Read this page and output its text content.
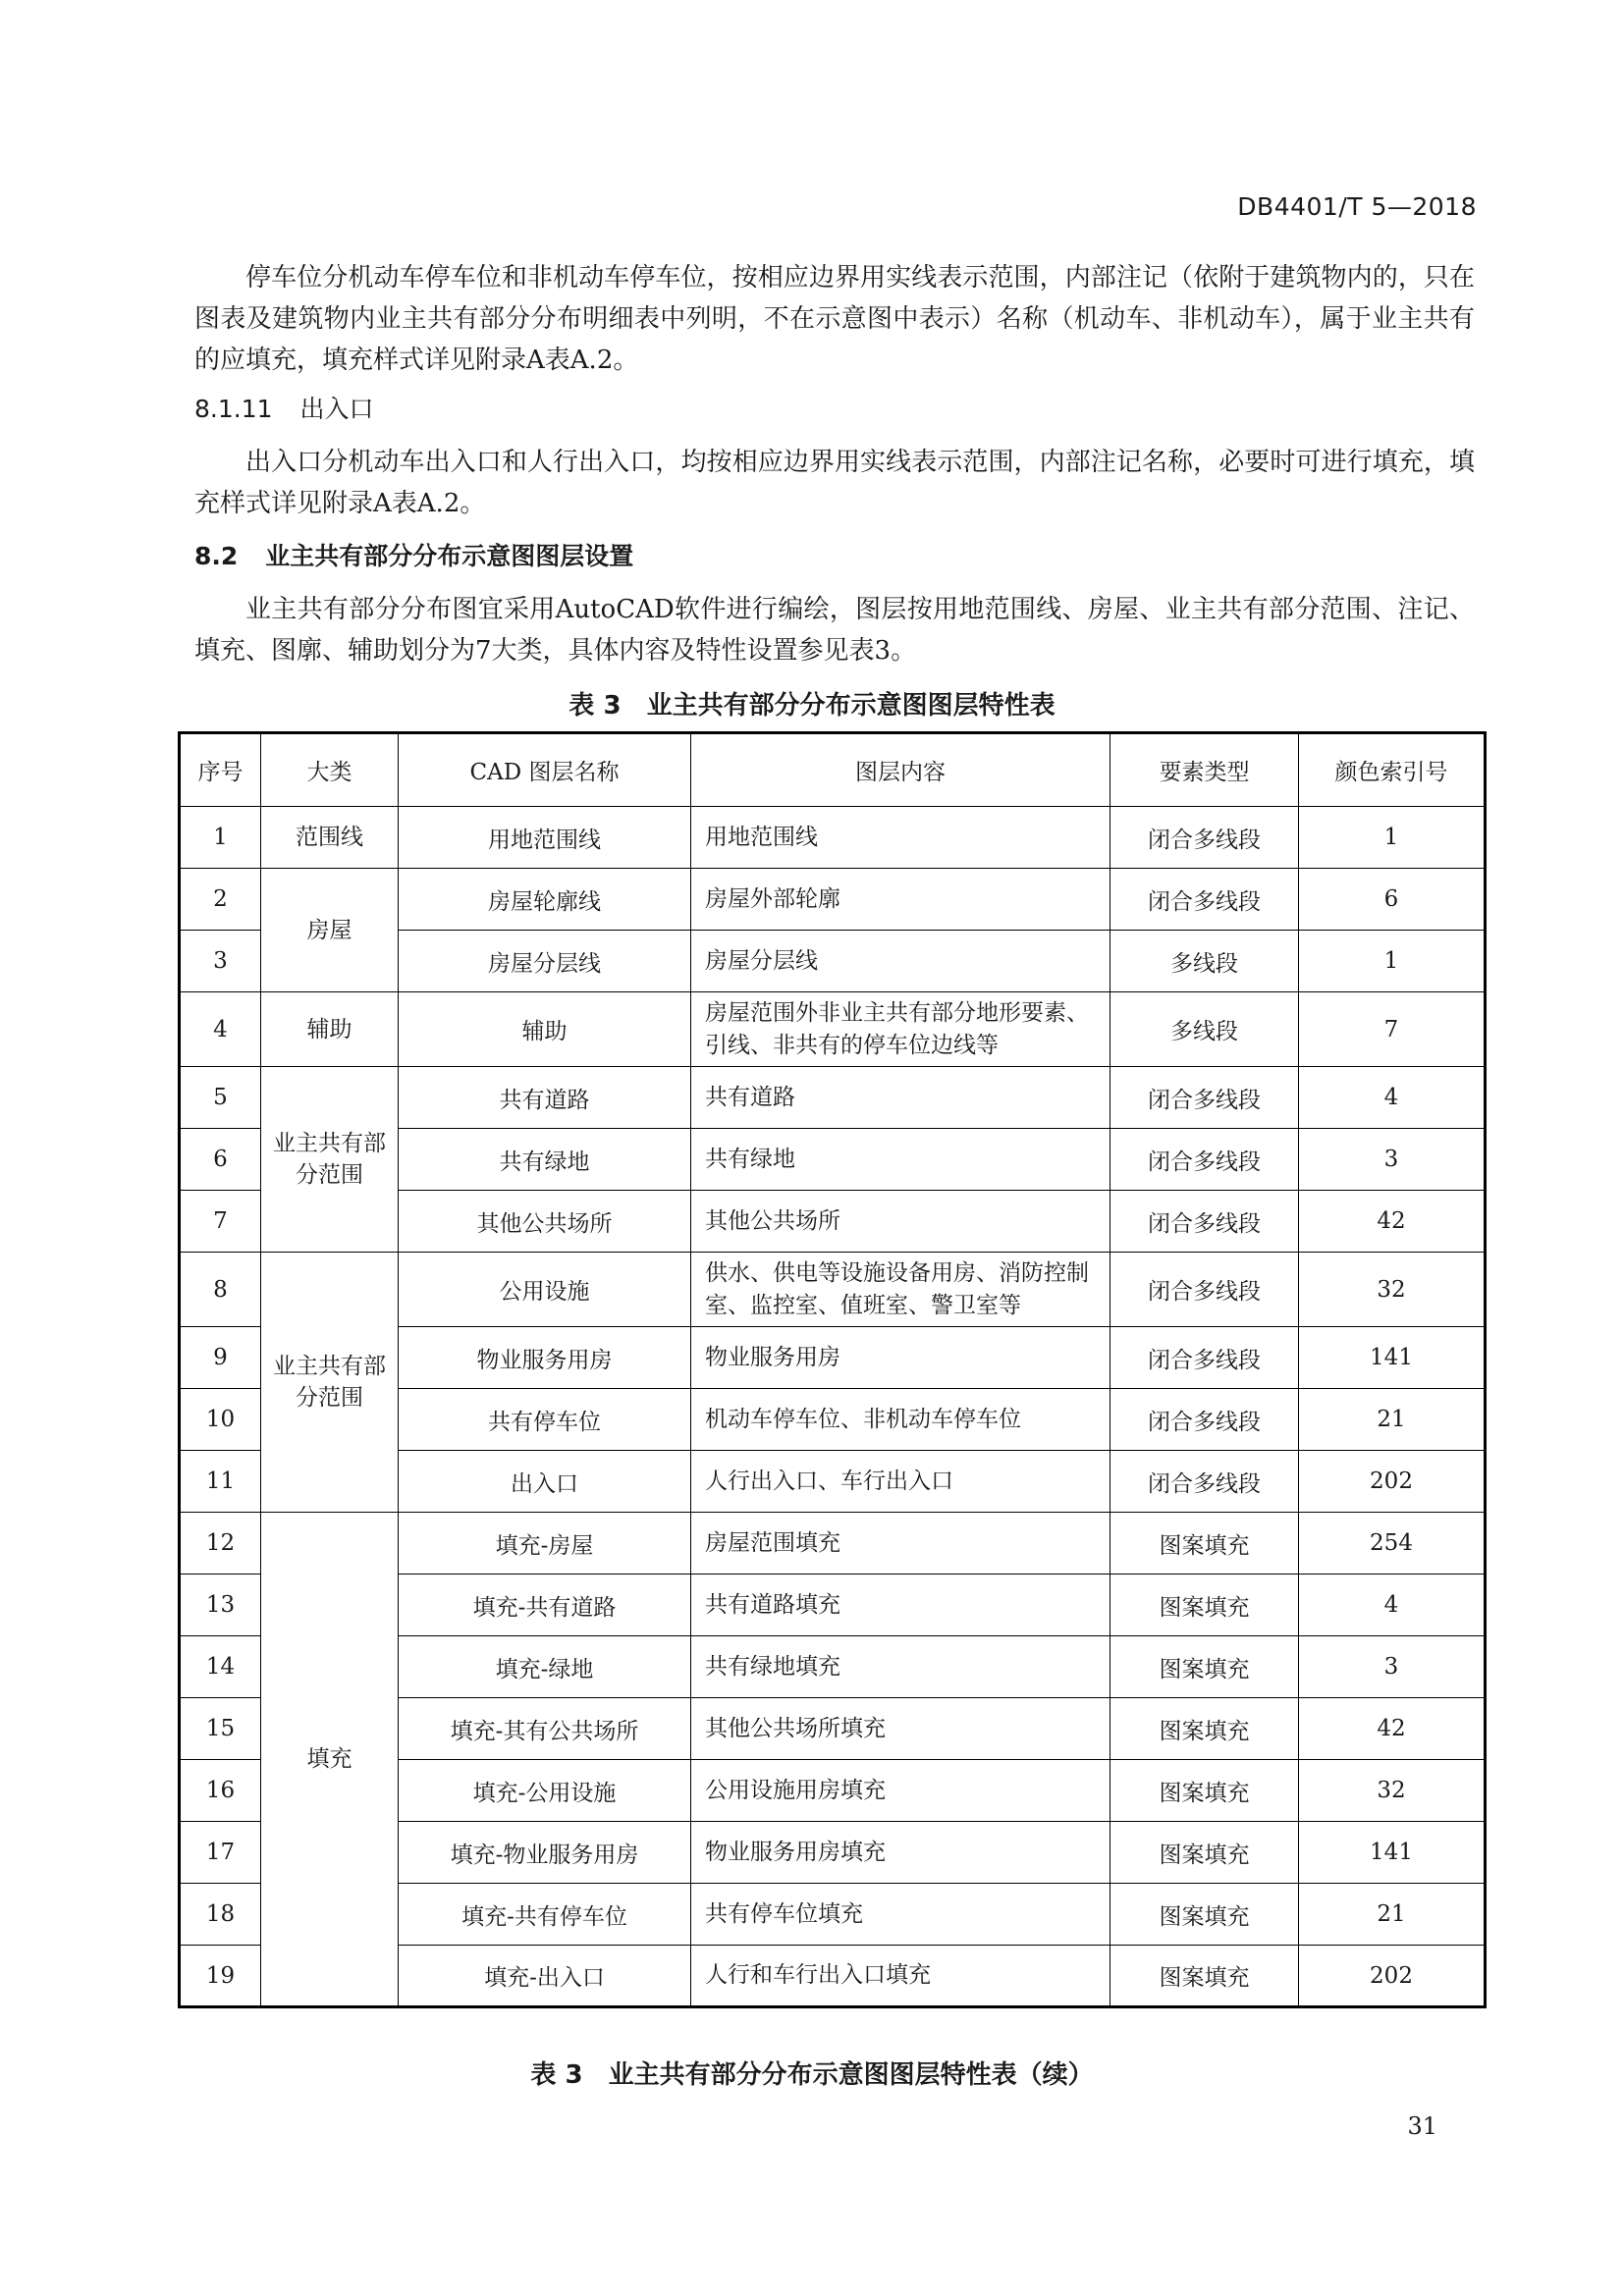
DB4401/T 5—2018

停车位分机动车停车位和非机动车停车位，按相应边界用实线表示范围，内部注记（依附于建筑物内的，只在图表及建筑物内业主共有部分分布明细表中列明，不在示意图中表示）名称（机动车、非机动车），属于业主共有的应填充，填充样式详见附录A表A.2。

8.1.11 出入口

出入口分机动车出入口和人行出入口，均按相应边界用实线表示范围，内部注记名称，必要时可进行填充，填充样式详见附录A表A.2。

8.2 业主共有部分分布示意图图层设置

业主共有部分分布图宜采用AutoCAD软件进行编绘，图层按用地范围线、房屋、业主共有部分范围、注记、填充、图廓、辅助划分为7大类，具体内容及特性设置参见表3。

表 3 业主共有部分分布示意图图层特性表
序号	大类	CAD 图层名称	图层内容	要素类型	颜色索引号
1	范围线	用地范围线	用地范围线	闭合多线段	1
2	房屋	房屋轮廓线	房屋外部轮廓	闭合多线段	6
3		房屋分层线	房屋分层线	多线段	1
4	辅助	辅助	房屋范围外非业主共有部分地形要素、引线、非共有的停车位边线等	多线段	7
5	业主共有部分范围	共有道路	共有道路	闭合多线段	4
6		共有绿地	共有绿地	闭合多线段	3
7		其他公共场所	其他公共场所	闭合多线段	42
8	业主共有部分范围	公用设施	供水、供电等设施设备用房、消防控制室、监控室、值班室、警卫室等	闭合多线段	32
9		物业服务用房	物业服务用房	闭合多线段	141
10		共有停车位	机动车停车位、非机动车停车位	闭合多线段	21
11		出入口	人行出入口、车行出入口	闭合多线段	202
12	填充	填充-房屋	房屋范围填充	图案填充	254
13		填充-共有道路	共有道路填充	图案填充	4
14		填充-绿地	共有绿地填充	图案填充	3
15		填充-其有公共场所	其他公共场所填充	图案填充	42
16		填充-公用设施	公用设施用房填充	图案填充	32
17		填充-物业服务用房	物业服务用房填充	图案填充	141
18		填充-共有停车位	共有停车位填充	图案填充	21
19		填充-出入口	人行和车行出入口填充	图案填充	202
表 3 业主共有部分分布示意图图层特性表（续）
31
